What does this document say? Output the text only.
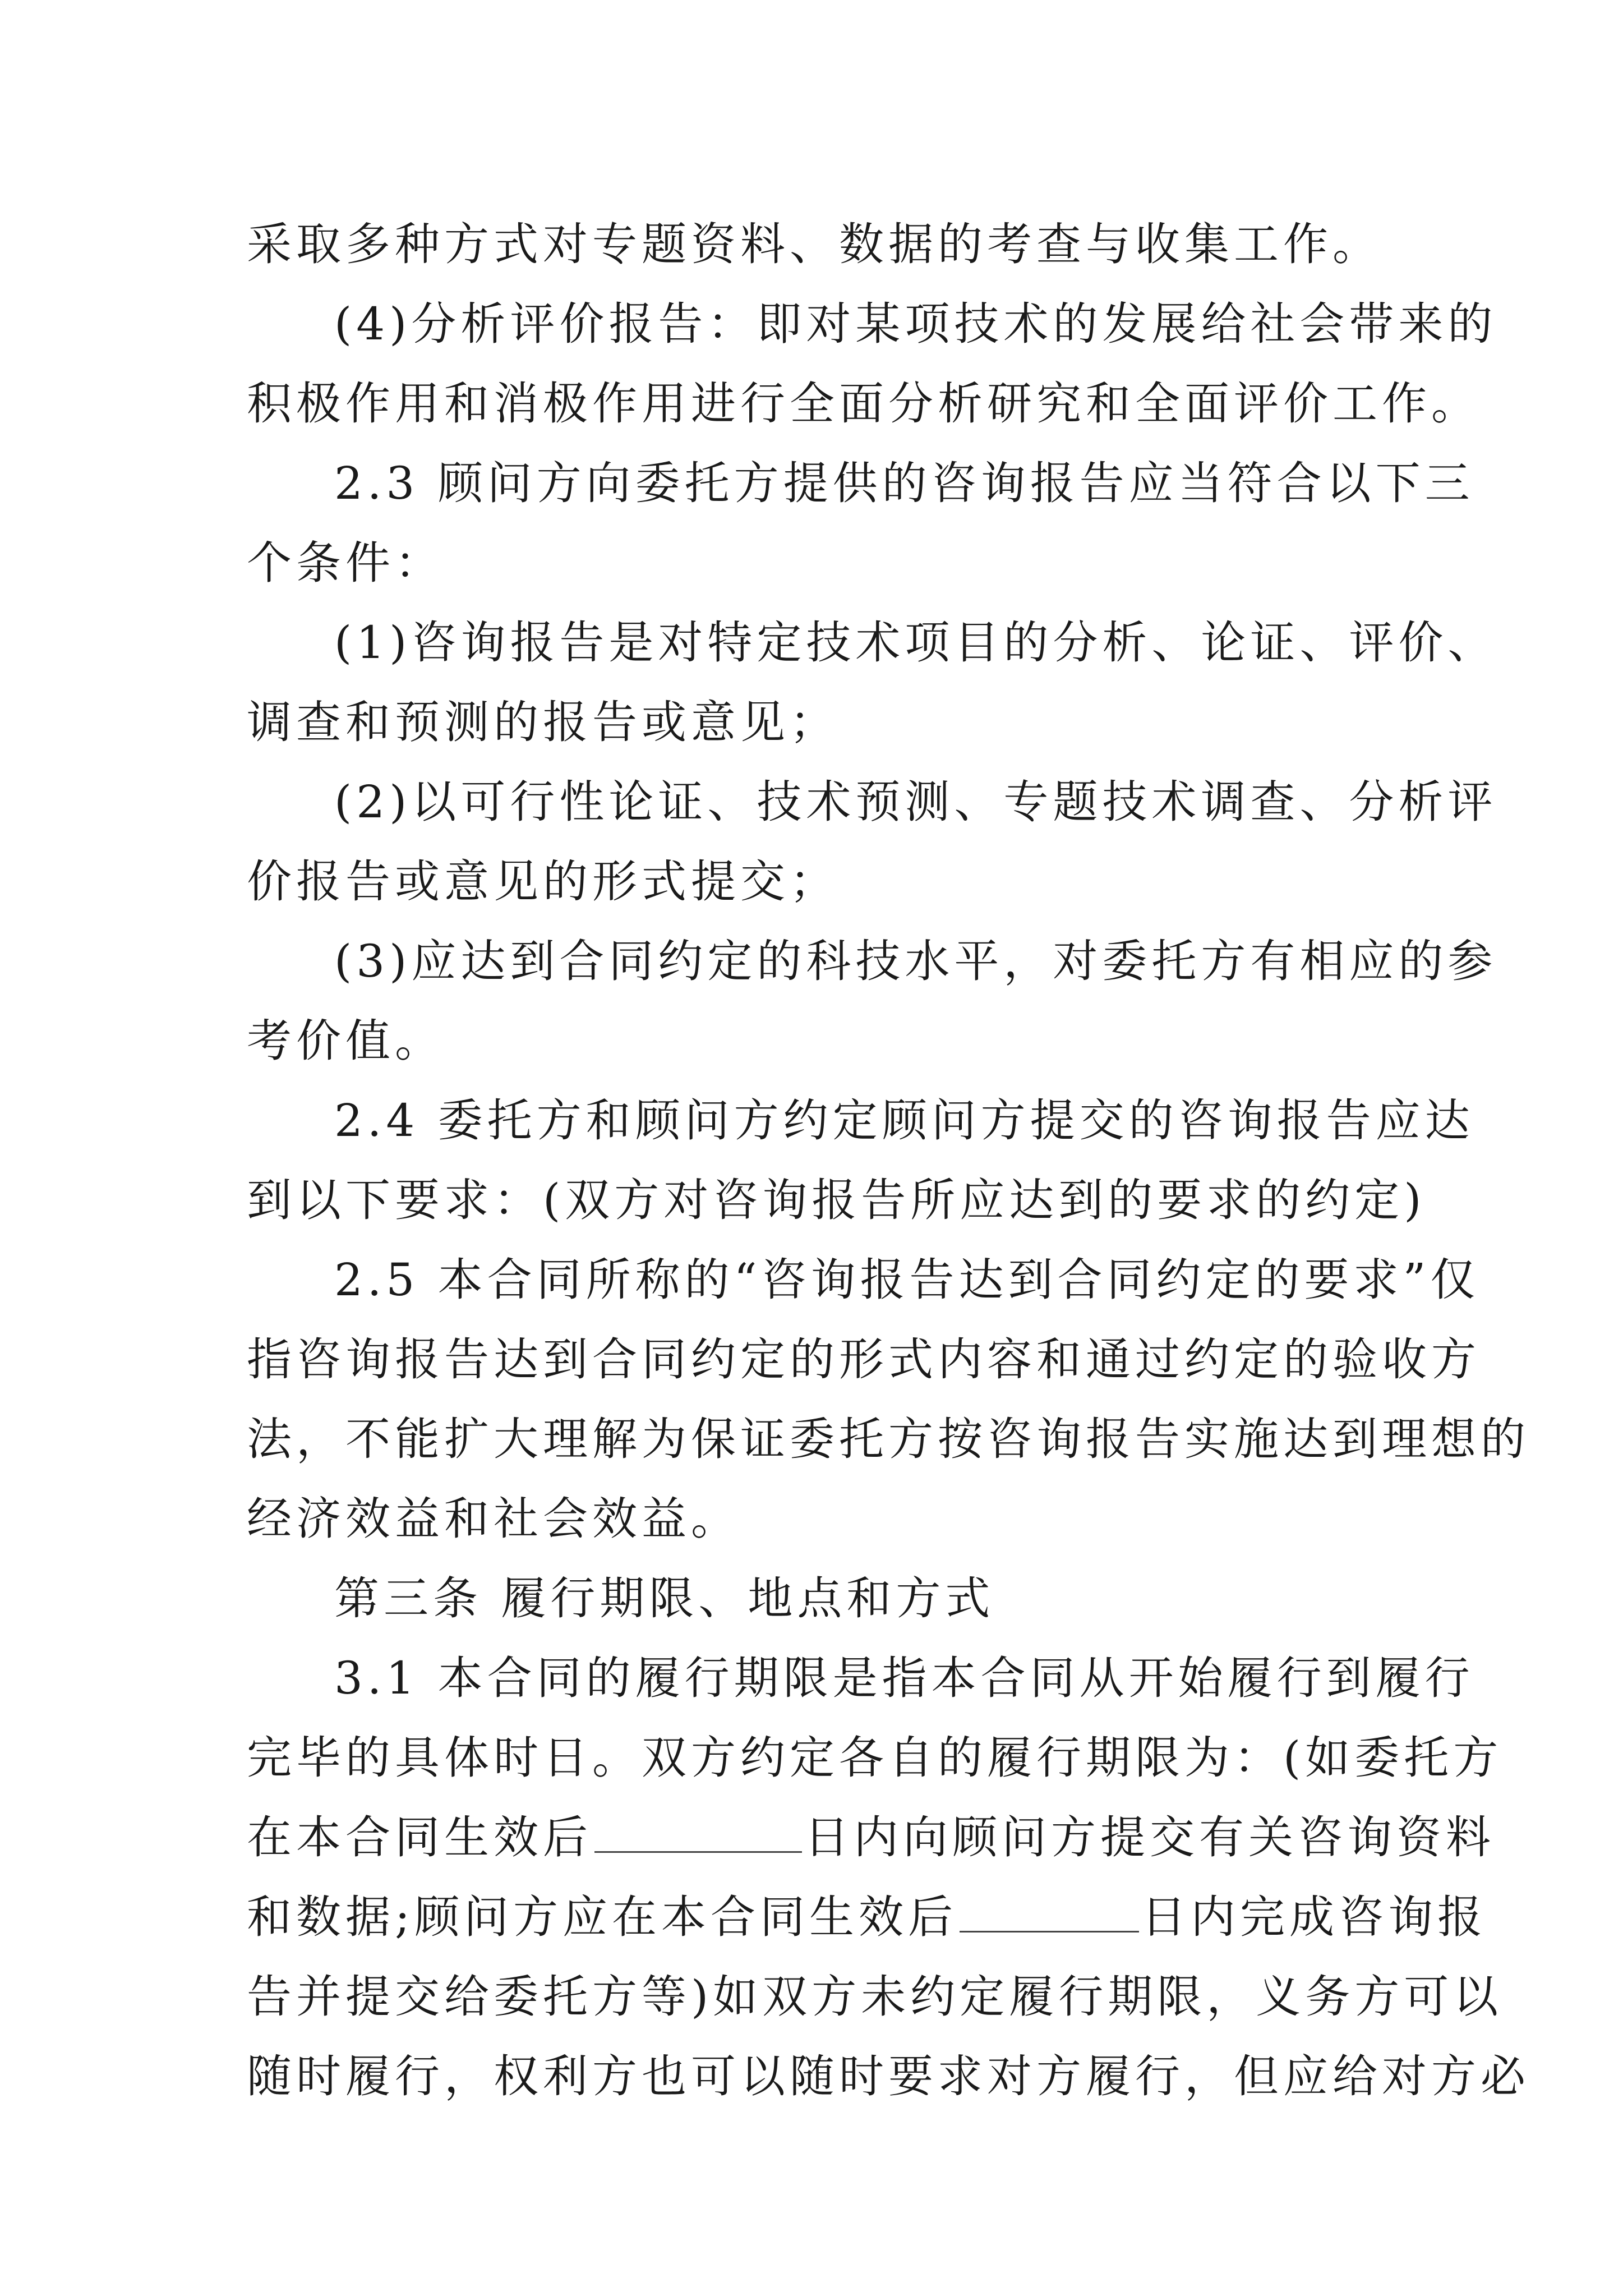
采取多种方式对专题资料、数据的考查与收集工作。
(4)分析评价报告：即对某项技术的发展给社会带来的
积极作用和消极作用进行全面分析研究和全面评价工作。
2.3 顾问方向委托方提供的咨询报告应当符合以下三
个条件：
(1)咨询报告是对特定技术项目的分析、论证、评价、
调查和预测的报告或意见；
(2)以可行性论证、技术预测、专题技术调查、分析评
价报告或意见的形式提交；
(3)应达到合同约定的科技水平，对委托方有相应的参
考价值。
2.4 委托方和顾问方约定顾问方提交的咨询报告应达
到以下要求：(双方对咨询报告所应达到的要求的约定)
2.5 本合同所称的“咨询报告达到合同约定的要求”仅
指咨询报告达到合同约定的形式内容和通过约定的验收方
法，不能扩大理解为保证委托方按咨询报告实施达到理想的
经济效益和社会效益。
第三条 履行期限、地点和方式
3.1 本合同的履行期限是指本合同从开始履行到履行
完毕的具体时日。双方约定各自的履行期限为：(如委托方
在本合同生效后	日内向顾问方提交有关咨询资料
和数据;顾问方应在本合同生效后	日内完成咨询报
告并提交给委托方等)如双方未约定履行期限，义务方可以
随时履行，权利方也可以随时要求对方履行，但应给对方必
